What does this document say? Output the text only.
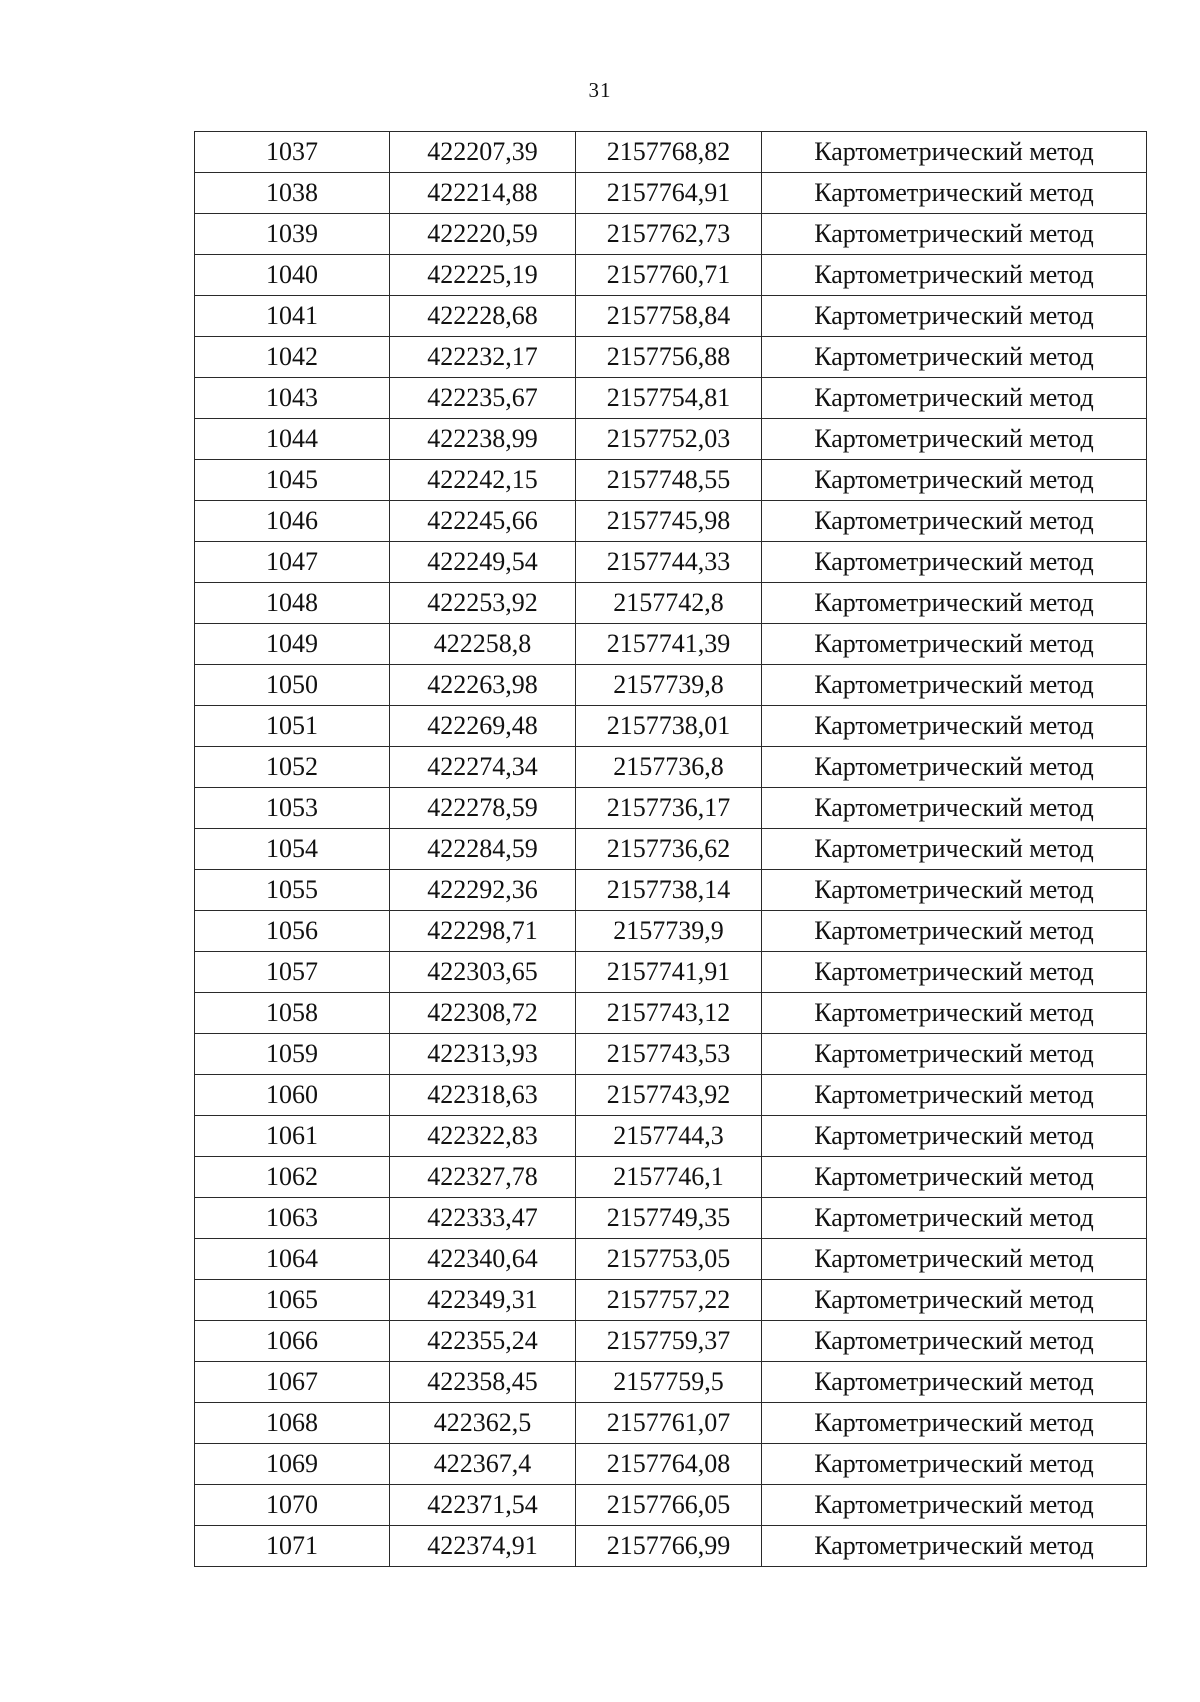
31
1037	422207,39	2157768,82	Картометрический метод
1038	422214,88	2157764,91	Картометрический метод
1039	422220,59	2157762,73	Картометрический метод
1040	422225,19	2157760,71	Картометрический метод
1041	422228,68	2157758,84	Картометрический метод
1042	422232,17	2157756,88	Картометрический метод
1043	422235,67	2157754,81	Картометрический метод
1044	422238,99	2157752,03	Картометрический метод
1045	422242,15	2157748,55	Картометрический метод
1046	422245,66	2157745,98	Картометрический метод
1047	422249,54	2157744,33	Картометрический метод
1048	422253,92	2157742,8	Картометрический метод
1049	422258,8	2157741,39	Картометрический метод
1050	422263,98	2157739,8	Картометрический метод
1051	422269,48	2157738,01	Картометрический метод
1052	422274,34	2157736,8	Картометрический метод
1053	422278,59	2157736,17	Картометрический метод
1054	422284,59	2157736,62	Картометрический метод
1055	422292,36	2157738,14	Картометрический метод
1056	422298,71	2157739,9	Картометрический метод
1057	422303,65	2157741,91	Картометрический метод
1058	422308,72	2157743,12	Картометрический метод
1059	422313,93	2157743,53	Картометрический метод
1060	422318,63	2157743,92	Картометрический метод
1061	422322,83	2157744,3	Картометрический метод
1062	422327,78	2157746,1	Картометрический метод
1063	422333,47	2157749,35	Картометрический метод
1064	422340,64	2157753,05	Картометрический метод
1065	422349,31	2157757,22	Картометрический метод
1066	422355,24	2157759,37	Картометрический метод
1067	422358,45	2157759,5	Картометрический метод
1068	422362,5	2157761,07	Картометрический метод
1069	422367,4	2157764,08	Картометрический метод
1070	422371,54	2157766,05	Картометрический метод
1071	422374,91	2157766,99	Картометрический метод
